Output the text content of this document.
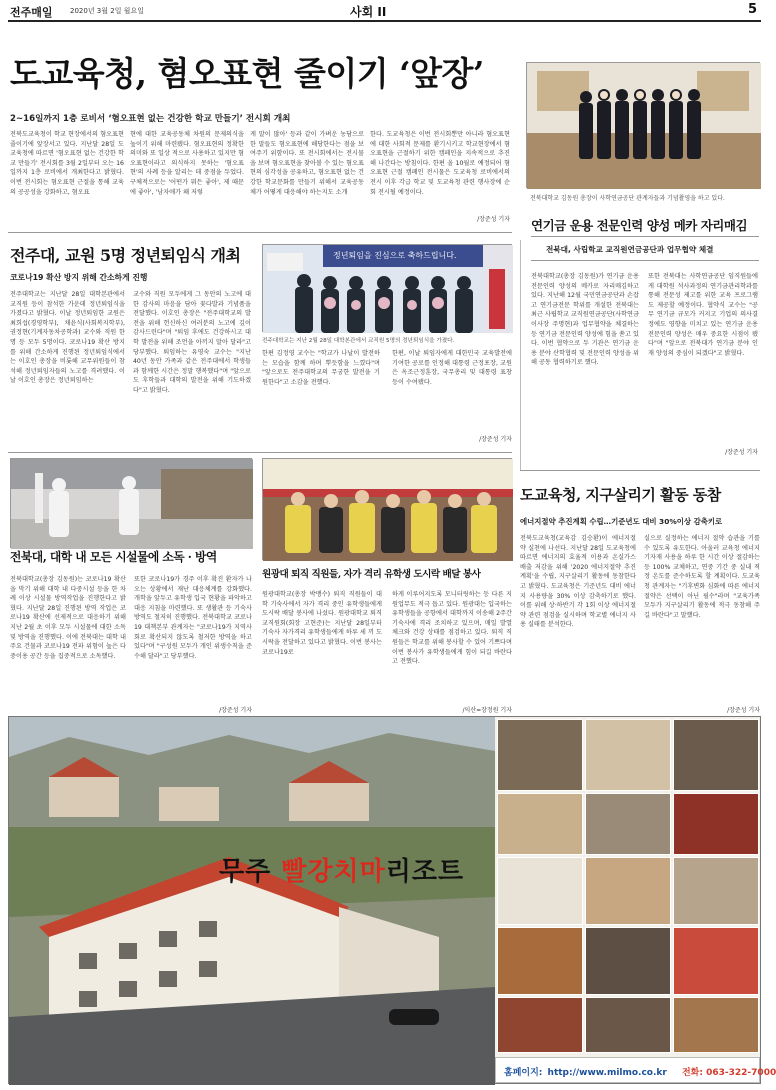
전주매일 2020년 3월 2일 월요일	사회 II	5
도교육청, 혐오표현 줄이기 ‘앞장’
2~16일까지 1층 로비서 ‘혐오표현 없는 건강한 학교 만들기’ 전시회 개최
전북도교육청이 학교 현장에서의 혐오표현 줄이기에 앞장서고 있다. 지난달 28일 도교육청에 따르면 '혐오표현 없는 건강한 학교 만들기' 전시회를 3월 2일부터 오는 16일까지 1층 로비에서 개최한다고 밝혔다. 이번 전시회는 혐오표현 근절을 통해 교육의 공공성을 강화하고, 혐오표
현에 대한 교육공동체 차원의 문제의식을 높이기 위해 마련됐다. 혐오표현의 정확한 의미와 또 일상 적으로 사용하고 있지만 혐오표현이라고 의식하지 못하는 '혐오표현'의 사례 등을 알리는 데 중점을 두었다. 구체적으로는 '어떤가 뭐든 좋아', 제 때문에 좋아', '남자애가 왜 저렇
게 말이 많아' 등과 같이 가벼운 농담으로 한 말들도 혐오표현에 해당한다는 점을 보여주기 위함이다. 또 전시회에서는 전시물을 보며 혐오표현을 찾아볼 수 있는 혐오표현의 심각성을 공유하고, 혐오표현 없는 건강한 학교문화를 만들기 위해서 교육공동체가 어떻게 대응해야 하는지도 소개
한다. 도교육청은 이번 전시회뿐만 아니라 혐오표현에 대한 사회적 문제를 환기시키고 학교현장에서 혐오표현을 근절하기 위한 캠페인을 지속적으로 추진해 나간다는 방침이다. 한편 올 10월로 예정되어 혐오표현 근절 캠페인 전시물은 도교육청 로비에서의 전시 이후 각급 학교 및 도교육청 관련 행사장에 순회 전시될 예정이다.
/장준성 기자
전북대학교 김동원 총장이 사학연금공단 관계자들과 기념촬영을 하고 있다.
연기금 운용 전문인력 양성 메카 자리매김
전북대, 사립학교 교직원연금공단과 업무협약 체결
전북대학교(총장 김동원)가 연기금 운용 전문인력 양성의 메카로 자리매김하고 있다. 지난해 12월 국민연금공단과 손잡고 연기금전문 학위를 개설한 전북대는 최근 사립학교 교직원연금공단(사학연금 이사장 주명현)과 업무협약을 체결하는 등 연기금 전문인력 양성에 힘을 쏟고 있다. 이번 협약으로 두 기관은 연기금 운용 분야 산학협력 및 전문인력 양성을 위해 공동 협력하기로 했다.
또한 전북대는 사학연금공단 임직원들에게 대학원 석사과정의 연기금관리학과를 통해 전문성 제고를 위한 교육 프로그램도 제공할 예정이다. 협약식 교수는 "공무 연기금 규모가 커지고 기업의 의사결정에도 영향을 미치고 있는 연기금 운용 전문인력 양성은 매우 중요한 시점이 됐다"며 "앞으로 전북대가 연기금 분야 인재 양성의 중심이 되겠다"고 밝혔다.
/장준성 기자
전주대, 교원 5명 정년퇴임식 개최
코로나19 확산 방지 위해 간소하게 진행
전주대학교는 지난달 28일 대학본관에서 교직원 등이 참석한 가운데 정년퇴임식을 가졌다고 밝혔다. 이날 정년퇴임한 교원은 최희섭(경영학부), 채윤식(사회복지학부), 권정현(기계자동차공학과) 교수와 직원 한 명 등 모두 5명이다. 코로나19 확산 방지를 위해 간소하게 진행된 정년퇴임식에서는 이호인 총장을 비롯해 교무위원들이 참석해 정년퇴임자들의 노고를 격려했다. 이날 이호인 총장은 정년퇴임하는
교수와 직원 모두에게 그 동안의 노고에 대한 감사의 마음을 담아 꽃다발과 기념품을 전달했다. 이호인 총장은 "전주대학교의 발전을 위해 헌신하신 여러분의 노고에 깊이 감사드린다"며 "퇴임 후에도 건강하시고 대학 발전을 위해 조언을 아끼지 말아 달라"고 당부했다. 퇴임하는 유영숙 교수는 "지난 40년 동안 가족과 같은 전주대에서 학생들과 함께한 시간은 정말 행복했다"며 "앞으로도 후학들과 대학의 발전을 위해 기도하겠다"고 밝혔다.
정년퇴임을 진심으로 축하드립니다.
전주대학교는 지난 2월 28일 대학본관에서 교직원 5명의 정년퇴임식을 가졌다.
한편 김정영 교수는 "학교가 나날이 발전하는 모습을 함께 하며 뿌듯함을 느꼈다"며 "앞으로도 전주대학교의 무궁한 발전을 기원한다"고 소감을 전했다.
한편, 이날 퇴임자에게 대한민국 교육발전에 기여한 공로를 인정해 대통령 근정포장, 교원은 옥조근정훈장, 국무총리 및 대통령 표창 등이 수여됐다.
/장준성 기자
전북대, 대학 내 모든 시설물에 소독 · 방역
전북대학교(총장 김동원)는 코로나19 확산을 막기 위해 대학 내 다중시설 등을 한 차례 이상 시설물 방역작업을 진행한다고 밝혔다. 지난달 28일 진행된 방역 작업은 코로나19 확산에 선제적으로 대응하기 위해 지난 2월 초 이후 모두 시설물에 대한 소독 및 방역을 진행했다. 이에 전북대는 대학 내 주요 건물과 코로나19 전파 위험이 높은 다중이용 공간 등을 집중적으로 소독했다.
또한 코로나19가 경주 이후 확진 환자가 나오는 상황에서 재난 대응체계를 강화했다. 개학을 앞두고 유학생 입국 현황을 파악하고 대응 지침을 마련했다. 또 생활관 등 기숙사 방역도 철저히 진행했다. 전북대학교 코로나19 대책본부 관계자는 "코로나19가 지역사회로 확산되지 않도록 철저한 방역을 하고 있다"며 "구성원 모두가 개인 위생수칙을 준수해 달라"고 당부했다.
/장준성 기자
원광대 퇴직 직원들, 자가 격리 유학생 도시락 배달 봉사
원광대학교(총장 박맹수) 퇴직 직원들이 대학 기숙사에서 자가 격리 중인 유학생들에게 도시락 배달 봉사에 나섰다. 원광대학교 퇴직교직원회(회장 고현준)는 지난달 28일부터 기숙사 자가격리 유학생들에게 하루 세 끼 도시락을 전달하고 있다고 밝혔다. 이번 봉사는 코로나19로
하게 이루어지도록 모니터링하는 등 다른 지원업무도 적극 돕고 있다. 원광대는 입국하는 유학생들을 공항에서 대학까지 이송해 2주간 기숙사에 격리 조치하고 있으며, 매일 발열 체크와 건강 상태를 점검하고 있다. 퇴직 직원들은 학교를 위해 봉사할 수 있어 기쁘다며 이번 봉사가 유학생들에게 힘이 되길 바란다고 전했다.
/익산=장정원 기자
도교육청, 지구살리기 활동 동참
에너지절약 추진계획 수립…기준년도 대비 30%이상 감축키로
전북도교육청(교육감 김승환)이 에너지절약 실천에 나선다. 지난달 28일 도교육청에 따르면 에너지의 효율적 이용과 온실가스 배출 저감을 위해 '2020 에너지절약 추진계획'을 수립, 지구살리기 활동에 동참한다고 밝혔다. 도교육청은 기준년도 대비 에너지 사용량을 30% 이상 감축하기로 했다. 이를 위해 상·하반기 각 1회 이상 에너지절약 관련 점검을 실시하며 학교별 에너지 사용 실태를 분석한다.
실으로 실정하는 에너지 절약 습관을 기를 수 있도록 유도한다. 아울러 교육청 에너지 기자재 사용을 하루 한 시간 이상 절감하는 등 100% 교체하고, 연중 기간 중 실내 적정 온도를 준수하도록 할 계획이다. 도교육청 관계자는 "기후변화 심화에 따른 에너지 절약은 선택이 아닌 필수"라며 "교육가족 모두가 지구살리기 활동에 적극 동참해 주길 바란다"고 말했다.
/장준성 기자
무주 빨강치마리조트
홈페이지: http://www.milmo.co.kr 전화: 063-322-7000
